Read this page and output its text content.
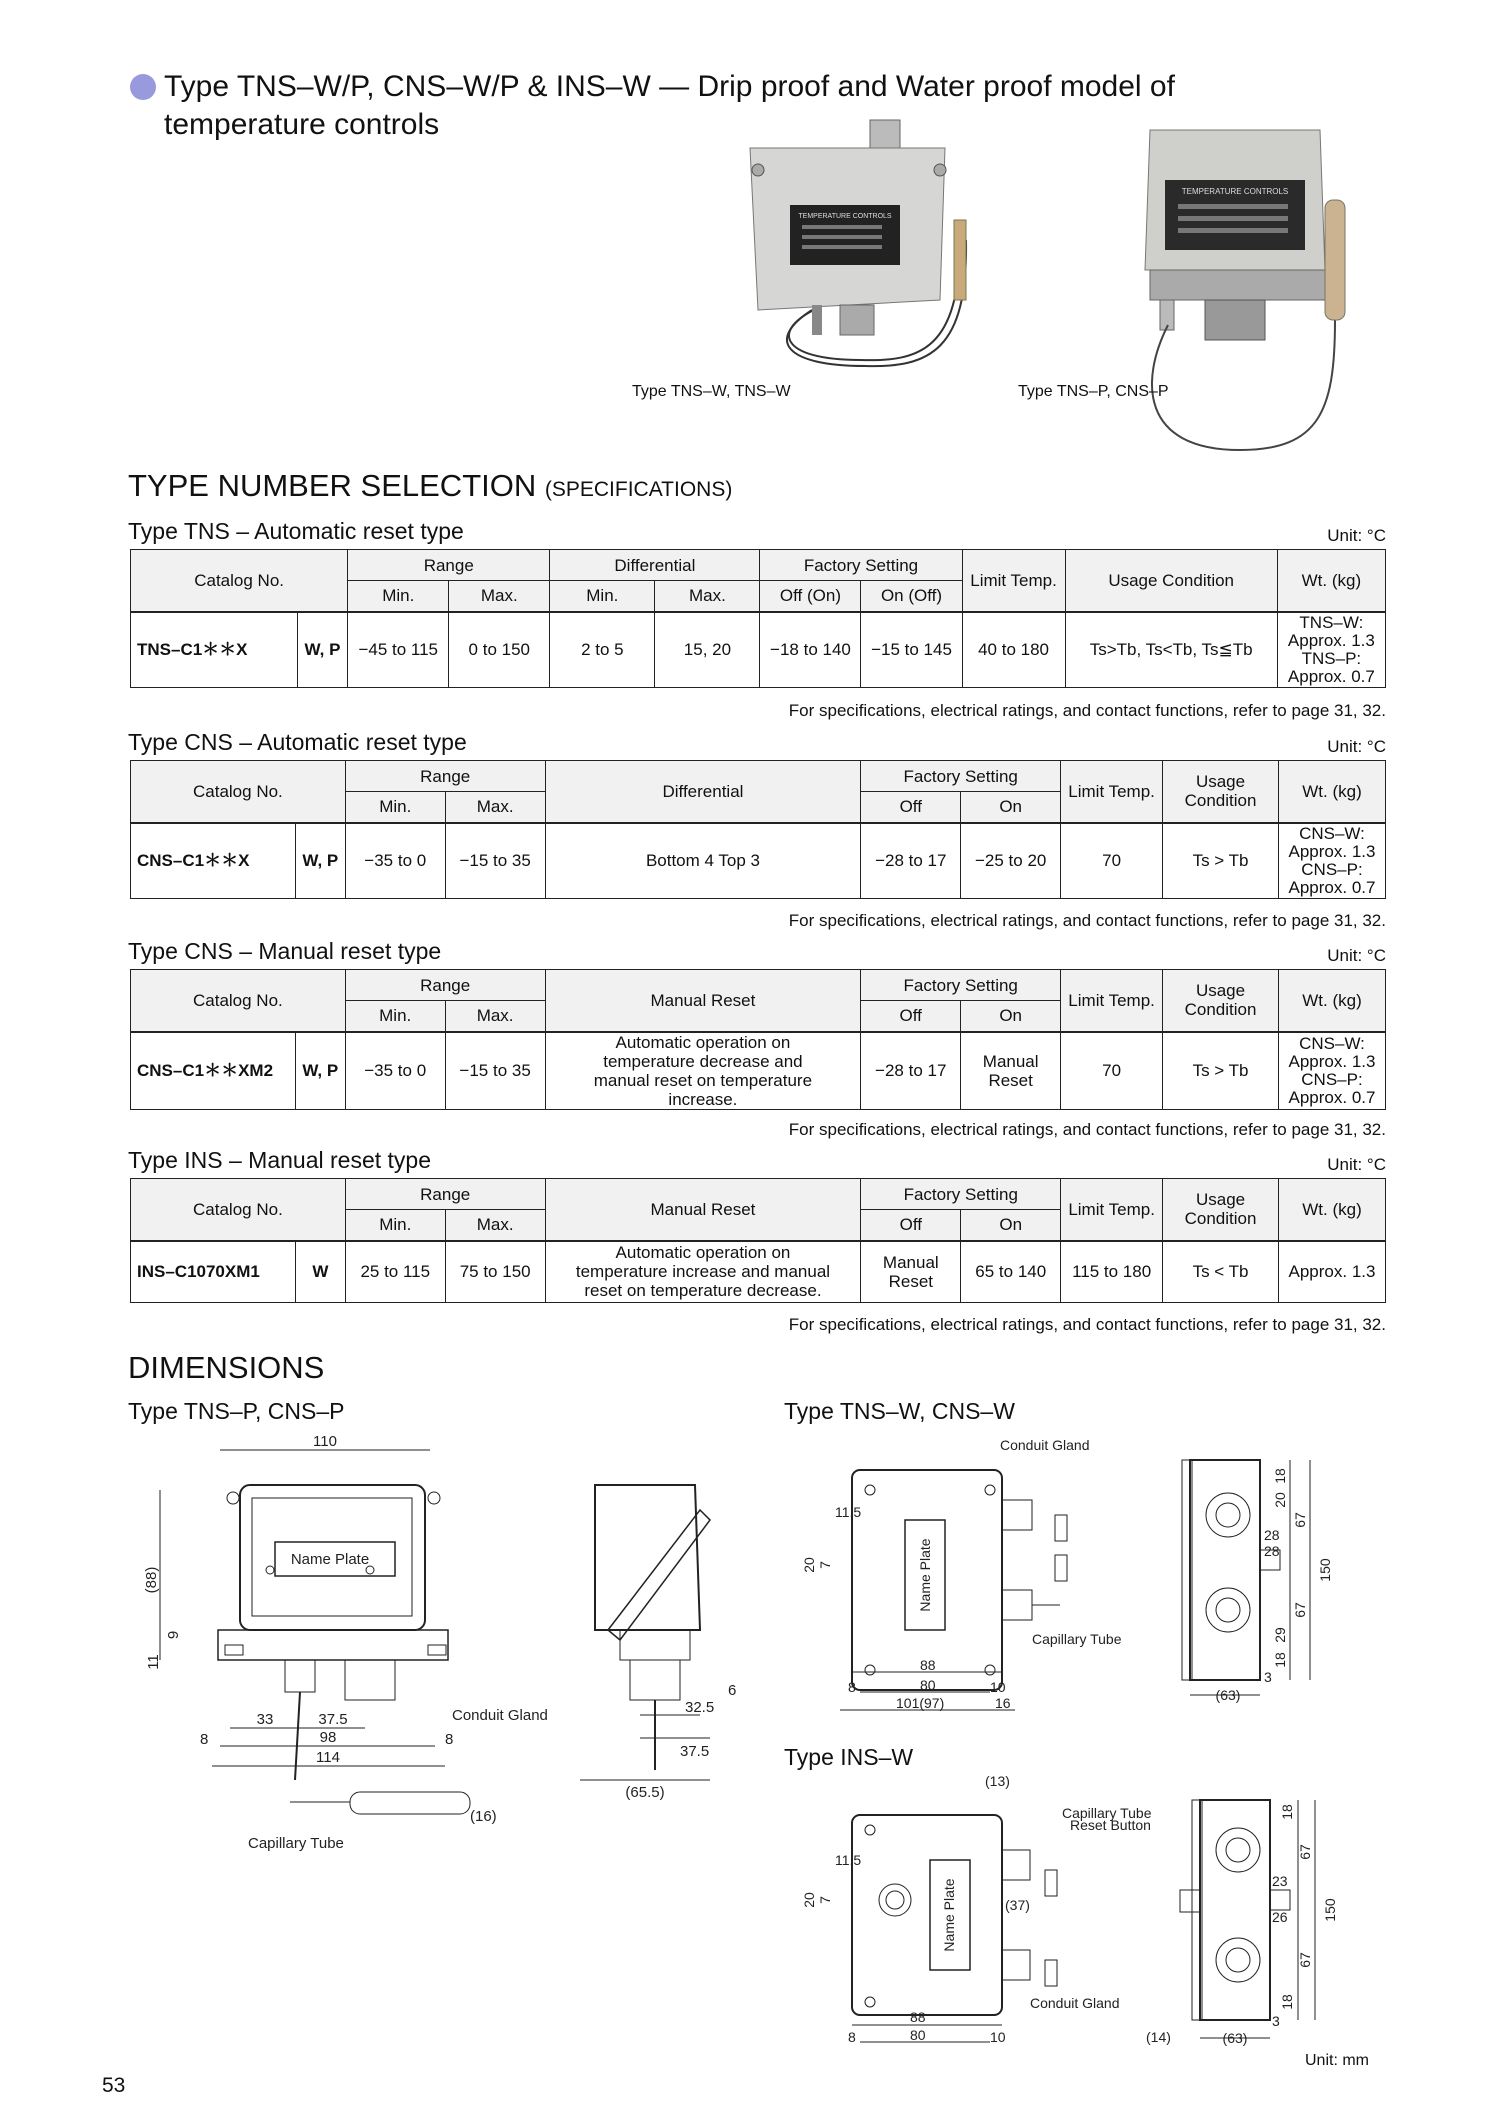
Type TNS–W/P, CNS–W/P & INS–W — Drip proof and Water proof model of
temperature controls
TEMPERATURE CONTROLS
Type TNS–W, TNS–W
TEMPERATURE CONTROLS
Type TNS–P, CNS–P
TYPE NUMBER SELECTION (SPECIFICATIONS)
Type TNS – Automatic reset type	Unit: °C
Catalog No.		Range		Differential		Factory Setting		Limit Temp.	Usage Condition	Wt. (kg)
		Min.	Max.	Min.	Max.	Off (On)	On (Off)			
TNS–C1＊＊X	W, P	−45 to 115	0 to 150	2 to 5	15, 20	−18 to 140	−15 to 145	40 to 180	Ts>Tb, Ts<Tb, Ts≦Tb	TNS–W:
Approx. 1.3
TNS–P:
Approx. 0.7
For specifications, electrical ratings, and contact functions, refer to page 31, 32.
Type CNS – Automatic reset type	Unit: °C
Catalog No.		Range		Differential	Factory Setting		Limit Temp.	Usage Condition	Wt. (kg)
		Min.	Max.		Off	On			
CNS–C1＊＊X	W, P	−35 to 0	−15 to 35	Bottom 4 Top 3	−28 to 17	−25 to 20	70	Ts > Tb	CNS–W:
Approx. 1.3
CNS–P:
Approx. 0.7
For specifications, electrical ratings, and contact functions, refer to page 31, 32.
Type CNS – Manual reset type	Unit: °C
Catalog No.		Range		Manual Reset	Factory Setting		Limit Temp.	Usage Condition	Wt. (kg)
		Min.	Max.		Off	On			
CNS–C1＊＊XM2	W, P	−35 to 0	−15 to 35	Automatic operation on temperature decrease and manual reset on temperature increase.	−28 to 17	Manual Reset	70	Ts > Tb	CNS–W:
Approx. 1.3
CNS–P:
Approx. 0.7
For specifications, electrical ratings, and contact functions, refer to page 31, 32.
Type INS – Manual reset type	Unit: °C
Catalog No.		Range		Manual Reset	Factory Setting		Limit Temp.	Usage Condition	Wt. (kg)
		Min.	Max.		Off	On			
INS–C1070XM1	W	25 to 115	75 to 150	Automatic operation on temperature increase and manual reset on temperature decrease.	Manual Reset	65 to 140	115 to 180	Ts < Tb	Approx. 1.3
For specifications, electrical ratings, and contact functions, refer to page 31, 32.
DIMENSIONS
Type TNS–P, CNS–P	Type TNS–W, CNS–W
Type INS–W
110
Name Plate
(88)
9
11
33	37.5
8	98	8
114
Conduit Gland
(16)
Capillary Tube
6
32.5
37.5
(65.5)
Conduit Gland
Name Plate
Capillary Tube
11.5
20 7
88
80
8	10
101(97)	16
18
20
67
28
28
150
67
29
18
3
(63)
(13)
Capillary Tube
Name Plate
11.5
20 7	(37)
Conduit Gland
88
80
8	10
Reset Button
18
67
23
26 150
67
18
3
(14)	(63)
Unit: mm
53
